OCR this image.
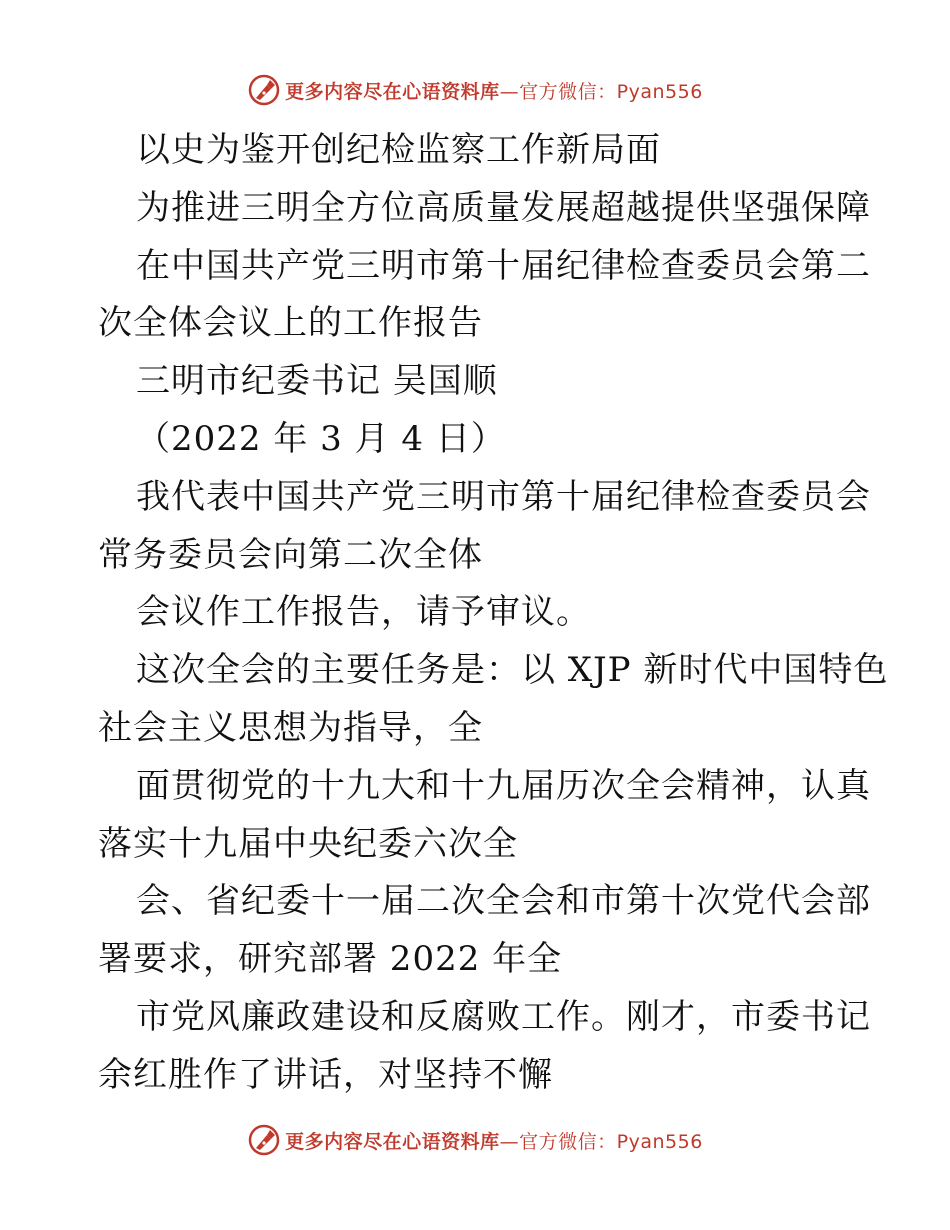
更多内容尽在心语资料库—官方微信：Pyan556
以史为鉴开创纪检监察工作新局面
为推进三明全方位高质量发展超越提供坚强保障
在中国共产党三明市第十届纪律检查委员会第二
次全体会议上的工作报告
三明市纪委书记 吴国顺
（2022 年 3 月 4 日）
我代表中国共产党三明市第十届纪律检查委员会
常务委员会向第二次全体
会议作工作报告，请予审议。
这次全会的主要任务是：以 XJP 新时代中国特色
社会主义思想为指导，全
面贯彻党的十九大和十九届历次全会精神，认真
落实十九届中央纪委六次全
会、省纪委十一届二次全会和市第十次党代会部
署要求，研究部署 2022 年全
市党风廉政建设和反腐败工作。刚才，市委书记
余红胜作了讲话，对坚持不懈
更多内容尽在心语资料库—官方微信：Pyan556
